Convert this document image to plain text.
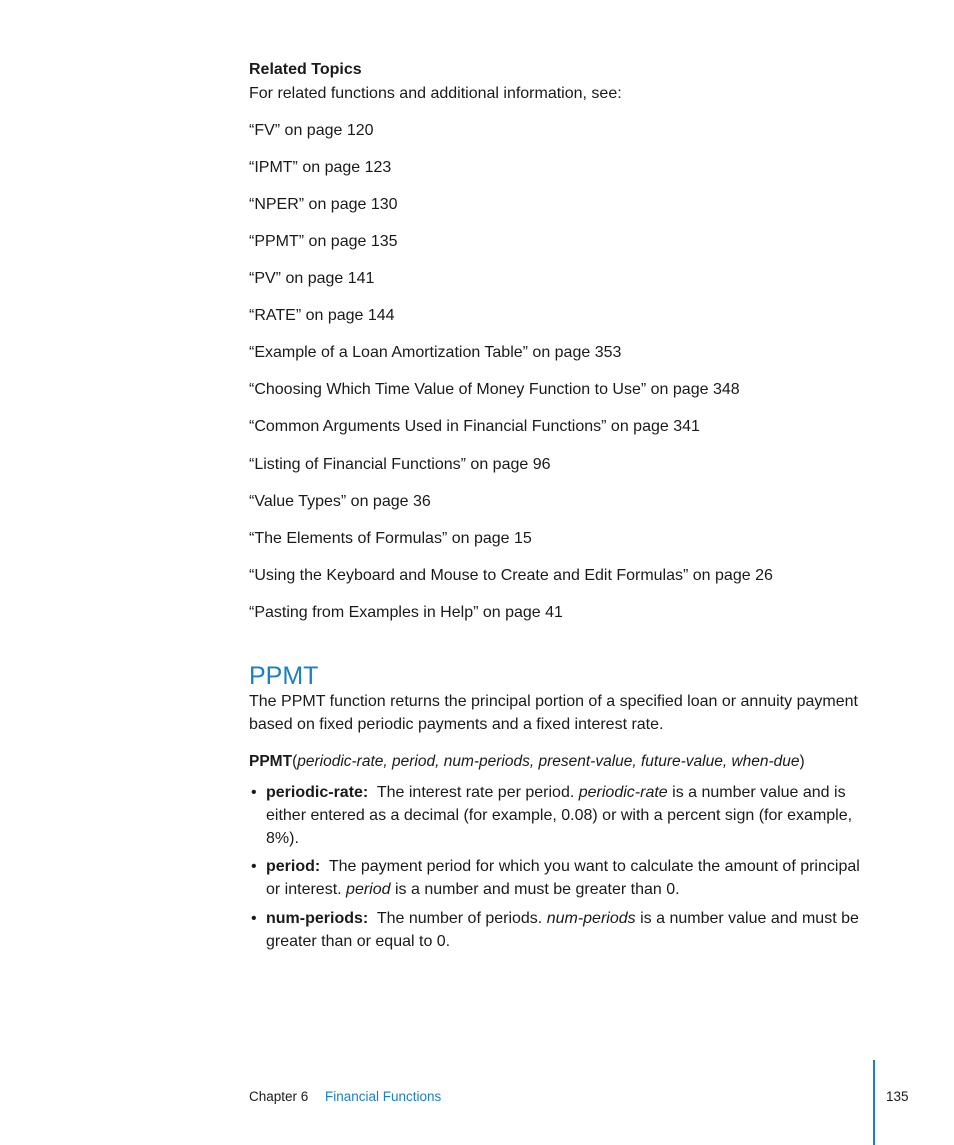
Related Topics
For related functions and additional information, see:
“FV” on page 120
“IPMT” on page 123
“NPER” on page 130
“PPMT” on page 135
“PV” on page 141
“RATE” on page 144
“Example of a Loan Amortization Table” on page 353
“Choosing Which Time Value of Money Function to Use” on page 348
“Common Arguments Used in Financial Functions” on page 341
“Listing of Financial Functions” on page 96
“Value Types” on page 36
“The Elements of Formulas” on page 15
“Using the Keyboard and Mouse to Create and Edit Formulas” on page 26
“Pasting from Examples in Help” on page 41
PPMT
The PPMT function returns the principal portion of a specified loan or annuity payment based on fixed periodic payments and a fixed interest rate.
PPMT(periodic-rate, period, num-periods, present-value, future-value, when-due)
• periodic-rate: The interest rate per period. periodic-rate is a number value and is either entered as a decimal (for example, 0.08) or with a percent sign (for example, 8%).
• period: The payment period for which you want to calculate the amount of principal or interest. period is a number and must be greater than 0.
• num-periods: The number of periods. num-periods is a number value and must be greater than or equal to 0.
Chapter 6 Financial Functions	135
